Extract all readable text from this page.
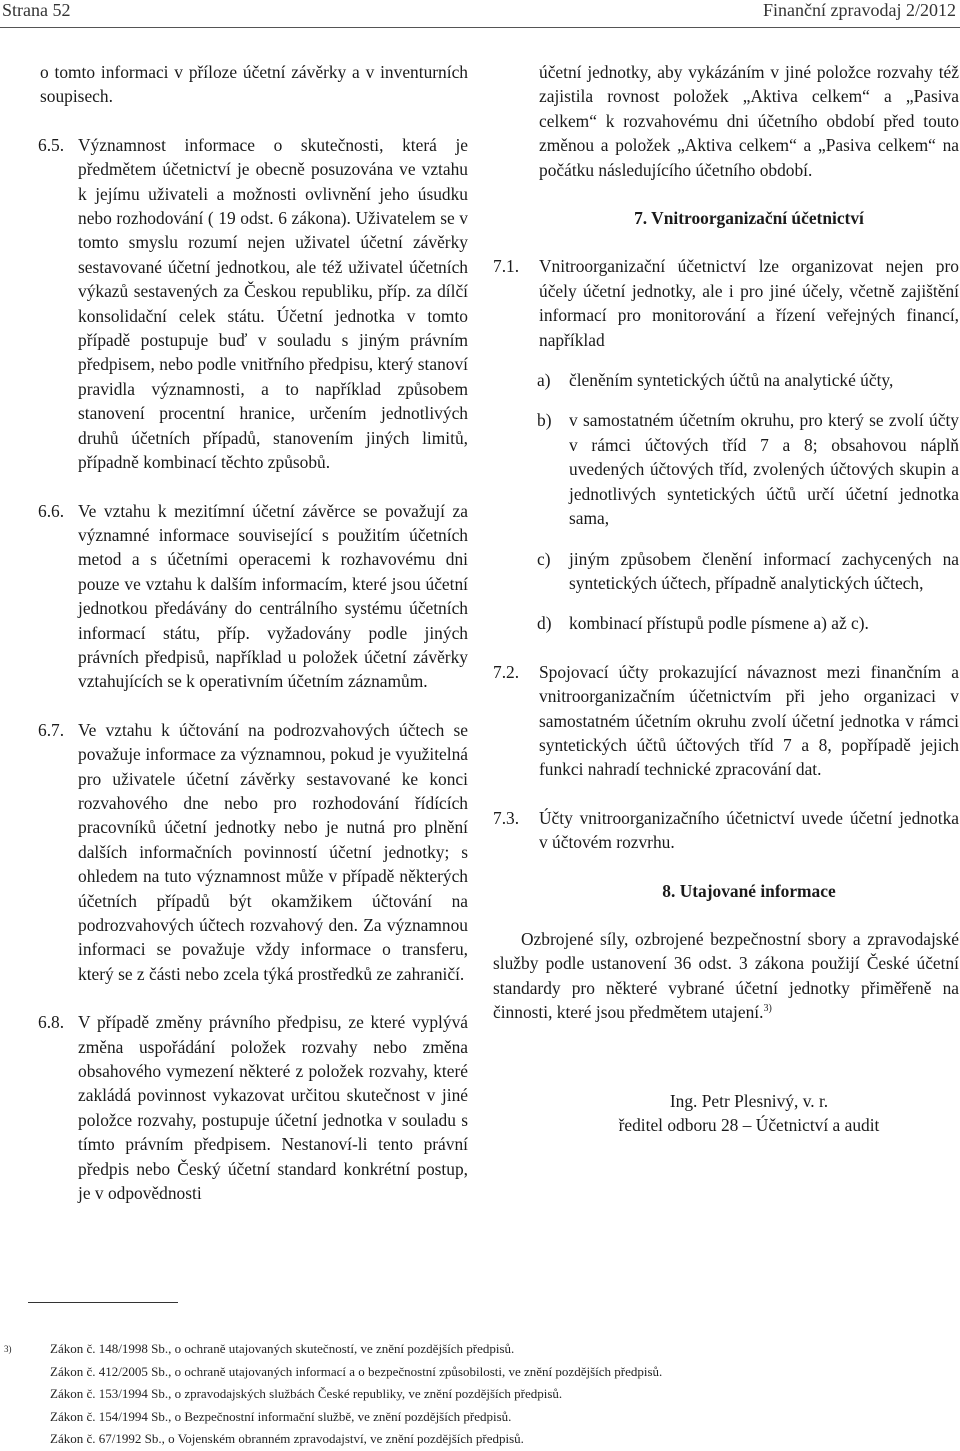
Strana 52	Finanční zpravodaj 2/2012

o tomto informaci v příloze účetní závěrky a v inventurních soupisech.

6.5. Významnost informace o skutečnosti, která je předmětem účetnictví je obecně posuzována ve vztahu k jejímu uživateli a možnosti ovlivnění jeho úsudku nebo rozhodování ( 19 odst. 6 zákona). Uživatelem se v tomto smyslu rozumí nejen uživatel účetní závěrky sestavované účetní jednotkou, ale též uživatel účetních výkazů sestavených za Českou republiku, příp. za dílčí konsolidační celek státu. Účetní jednotka v tomto případě postupuje buď v souladu s jiným právním předpisem, nebo podle vnitřního předpisu, který stanoví pravidla významnosti, a to například způsobem stanovení procentní hranice, určením jednotlivých druhů účetních případů, stanovením jiných limitů, případně kombinací těchto způsobů.
6.6. Ve vztahu k mezitímní účetní závěrce se považují za významné informace související s použitím účetních metod a s účetními operacemi k rozhavovému dni pouze ve vztahu k dalším informacím, které jsou účetní jednotkou předávány do centrálního systému účetních informací státu, příp. vyžadovány podle jiných právních předpisů, například u položek účetní závěrky vztahujících se k operativním účetním záznamům.
6.7. Ve vztahu k účtování na podrozvahových účtech se považuje informace za významnou, pokud je využitelná pro uživatele účetní závěrky sestavované ke konci rozvahového dne nebo pro rozhodování řídících pracovníků účetní jednotky nebo je nutná pro plnění dalších informačních povinností účetní jednotky; s ohledem na tuto významnost může v případě některých účetních případů být okamžikem účtování na podrozvahových účtech rozvahový den. Za významnou informaci se považuje vždy informace o transferu, který se z části nebo zcela týká prostředků ze zahraničí.
6.8. V případě změny právního předpisu, ze které vyplývá změna uspořádání položek rozvahy nebo změna obsahového vymezení některé z položek rozvahy, které zakládá povinnost vykazovat určitou skutečnost v jiné položce rozvahy, postupuje účetní jednotka v souladu s tímto právním předpisem. Nestanoví-li tento právní předpis nebo Český účetní standard konkrétní postup, je v odpovědnosti

účetní jednotky, aby vykázáním v jiné položce rozvahy též zajistila rovnost položek „Aktiva celkem“ a „Pasiva celkem“ k rozvahovému dni účetního období před touto změnou a položek „Aktiva celkem“ a „Pasiva celkem“ na počátku následujícího účetního období.

7. Vnitroorganizační účetnictví

7.1.	Vnitroorganizační účetnictví lze organizovat nejen pro účely účetní jednotky, ale i pro jiné účely, včetně zajištění informací pro monitorování a řízení veřejných financí, například
a)	členěním syntetických účtů na analytické účty,
b)	v samostatném účetním okruhu, pro který se zvolí účty v rámci účtových tříd 7 a 8; obsahovou náplň uvedených účtových tříd, zvolených účtových skupin a jednotlivých syntetických účtů určí účetní jednotka sama,
c)	jiným způsobem členění informací zachycených na syntetických účtech, případně analytických účtech,
d)	kombinací přístupů podle písmene a) až c).
7.2.	Spojovací účty prokazující návaznost mezi finančním a vnitroorganizačním účetnictvím při jeho organizaci v samostatném účetním okruhu zvolí účetní jednotka v rámci syntetických účtů účtových tříd 7 a 8, popřípadě jejich funkci nahradí technické zpracování dat.
7.3.	Účty vnitroorganizačního účetnictví uvede účetní jednotka v účtovém rozvrhu.

8. Utajované informace

Ozbrojené síly, ozbrojené bezpečnostní sbory a zpravodajské služby podle ustanovení 36 odst. 3 zákona použijí České účetní standardy pro některé vybrané účetní jednotky přiměřeně na činnosti, které jsou předmětem utajení.$^{3)}$

Ing. Petr Plesnivý, v. r.

ředitel odboru 28 – Účetnictví a audit

3)	Zákon č. 148/1998 Sb., o ochraně utajovaných skutečností, ve znění pozdějších předpisů.
Zákon č. 412/2005 Sb., o ochraně utajovaných informací a o bezpečnostní způsobilosti, ve znění pozdějších předpisů.
Zákon č. 153/1994 Sb., o zpravodajských službách České republiky, ve znění pozdějších předpisů.
Zákon č. 154/1994 Sb., o Bezpečnostní informační službě, ve znění pozdějších předpisů.
Zákon č. 67/1992 Sb., o Vojenském obranném zpravodajství, ve znění pozdějších předpisů.
